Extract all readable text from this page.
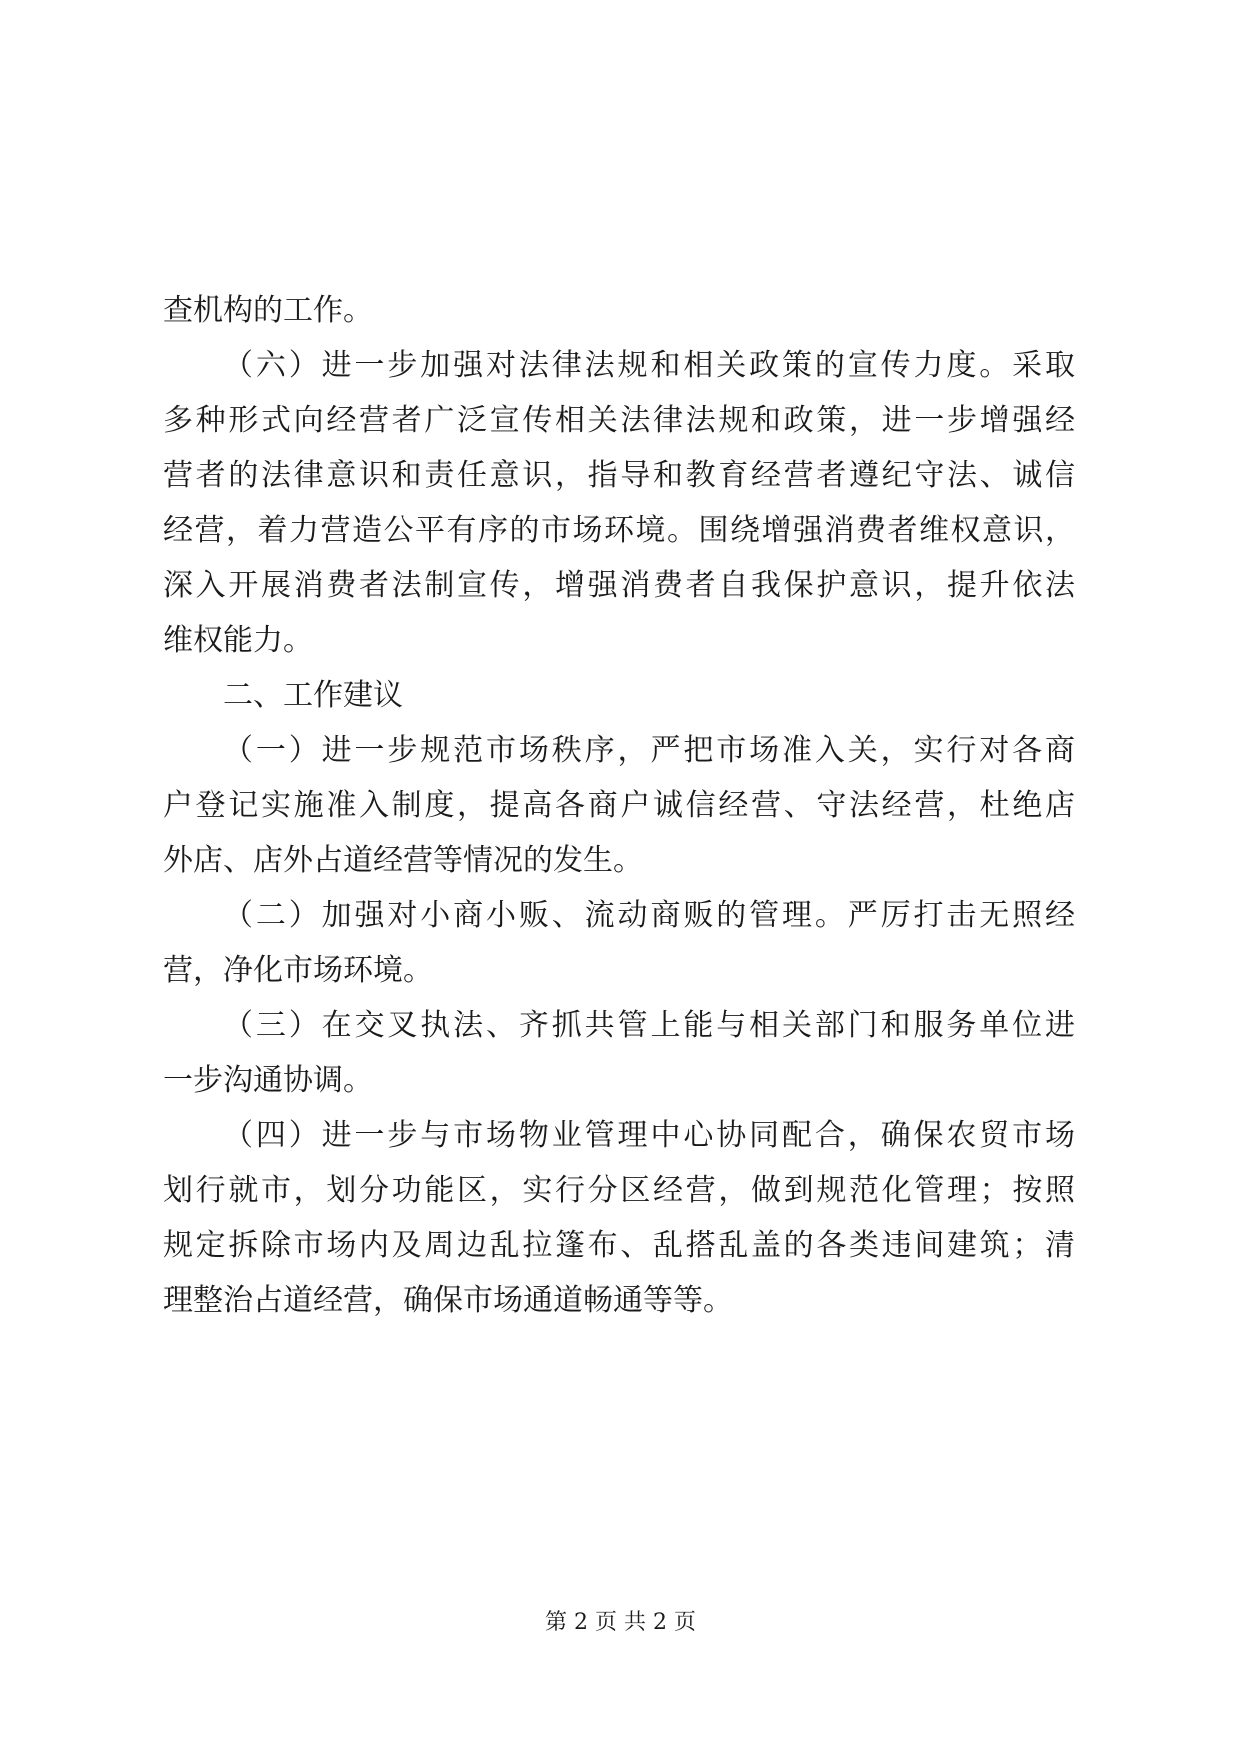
查机构的工作。

（六）进一步加强对法律法规和相关政策的宣传力度。采取

多种形式向经营者广泛宣传相关法律法规和政策，进一步增强经

营者的法律意识和责任意识，指导和教育经营者遵纪守法、诚信

经营，着力营造公平有序的市场环境。围绕增强消费者维权意识，

深入开展消费者法制宣传，增强消费者自我保护意识，提升依法

维权能力。

二、工作建议

（一）进一步规范市场秩序，严把市场准入关，实行对各商

户登记实施准入制度，提高各商户诚信经营、守法经营，杜绝店

外店、店外占道经营等情况的发生。

（二）加强对小商小贩、流动商贩的管理。严厉打击无照经

营，净化市场环境。

（三）在交叉执法、齐抓共管上能与相关部门和服务单位进

一步沟通协调。

（四）进一步与市场物业管理中心协同配合，确保农贸市场

划行就市，划分功能区，实行分区经营，做到规范化管理；按照

规定拆除市场内及周边乱拉篷布、乱搭乱盖的各类违间建筑；清

理整治占道经营，确保市场通道畅通等等。

第 2 页 共 2 页
